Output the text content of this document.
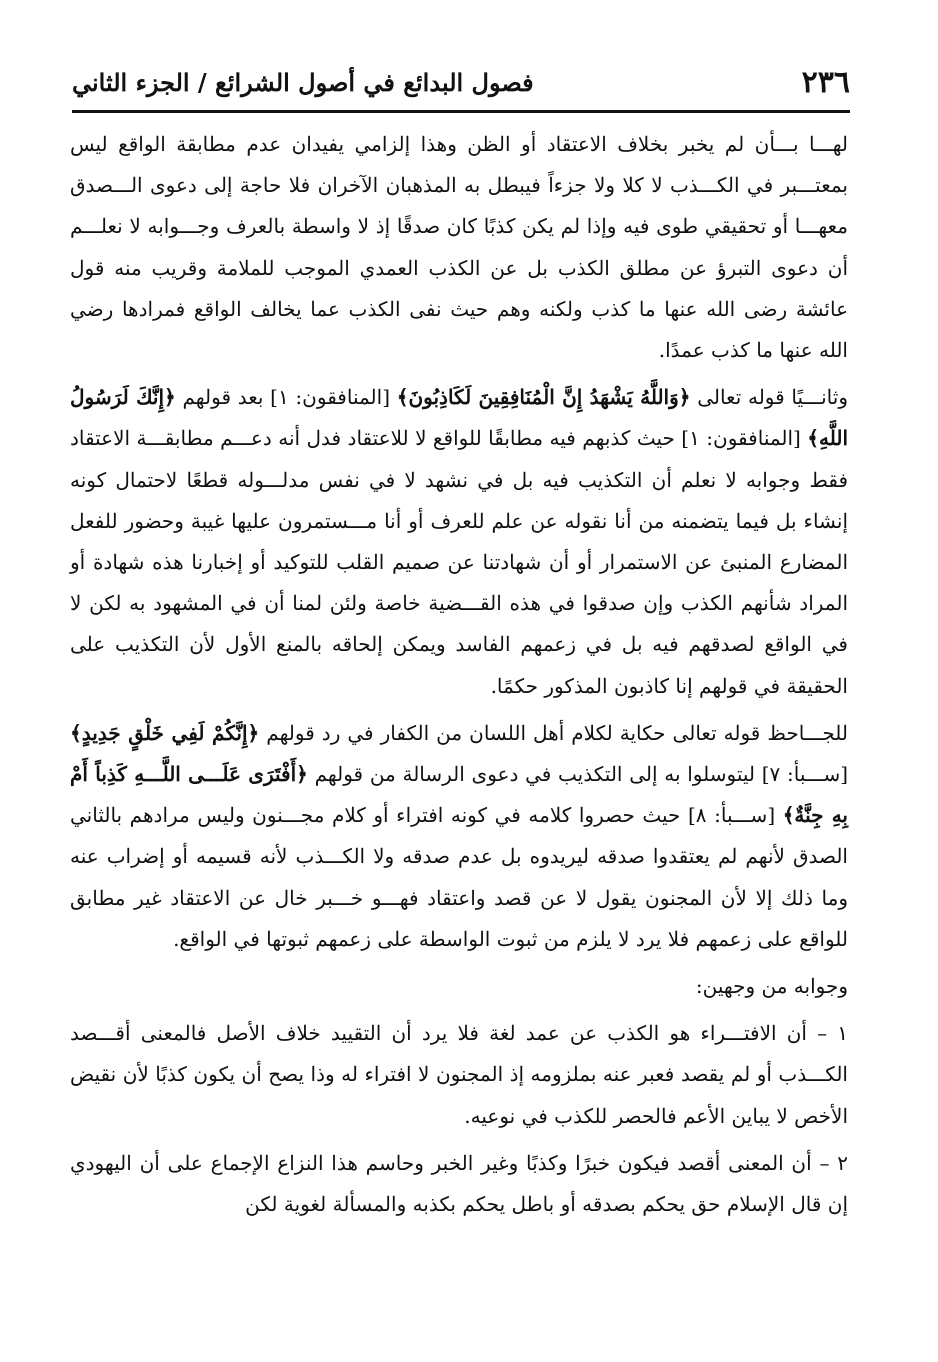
٢٣٦
فصول البدائع في أصول الشرائع / الجزء الثاني

لهـــا بـــأن لم يخبر بخلاف الاعتقاد أو الظن وهذا إلزامي يفيدان عدم مطابقة الواقع ليس بمعتـــبر في الكـــذب لا كلا ولا جزءاً فيبطل به المذهبان الآخران فلا حاجة إلى دعوى الـــصدق معهـــا أو تحقيقي طوى فيه وإذا لم يكن كذبًا كان صدقًا إذ لا واسطة بالعرف وجـــوابه لا نعلـــم أن دعوى التبرؤ عن مطلق الكذب بل عن الكذب العمدي الموجب للملامة وقريب منه قول عائشة رضى الله عنها ما كذب ولكنه وهم حيث نفى الكذب عما يخالف الواقع فمرادها رضي الله عنها ما كذب عمدًا.

وثانـــيًا قوله تعالى ﴿وَاللَّهُ يَشْهَدُ إِنَّ الْمُنَافِقِينَ لَكَاذِبُونَ﴾ [المنافقون: ١] بعد قولهم ﴿إِنَّكَ لَرَسُولُ اللَّهِ﴾ [المنافقون: ١] حيث كذبهم فيه مطابقًا للواقع لا للاعتقاد فدل أنه دعـــم مطابقـــة الاعتقاد فقط وجوابه لا نعلم أن التكذيب فيه بل في نشهد لا في نفس مدلـــوله قطعًا لاحتمال كونه إنشاء بل فيما يتضمنه من أنا نقوله عن علم للعرف أو أنا مـــستمرون عليها غيبة وحضور للفعل المضارع المنبئ عن الاستمرار أو أن شهادتنا عن صميم القلب للتوكيد أو إخبارنا هذه شهادة أو المراد شأنهم الكذب وإن صدقوا في هذه القـــضية خاصة ولئن لمنا أن في المشهود به لكن لا في الواقع لصدقهم فيه بل في زعمهم الفاسد ويمكن إلحاقه بالمنع الأول لأن التكذيب على الحقيقة في قولهم إنا كاذبون المذكور حكمًا.

للجـــاحظ قوله تعالى حكاية لكلام أهل اللسان من الكفار في رد قولهم ﴿إِنَّكُمْ لَفِي خَلْقٍ جَدِيدٍ﴾ [ســـبأ: ٧] ليتوسلوا به إلى التكذيب في دعوى الرسالة من قولهم ﴿أَفْتَرَى عَلَـــى اللَّـــهِ كَذِباً أَمْ بِهِ جِنَّةٌ﴾ [ســـبأ: ٨] حيث حصروا كلامه في كونه افتراء أو كلام مجـــنون وليس مرادهم بالثاني الصدق لأنهم لم يعتقدوا صدقه ليريدوه بل عدم صدقه ولا الكـــذب لأنه قسيمه أو إضراب عنه وما ذلك إلا لأن المجنون يقول لا عن قصد واعتقاد فهـــو خـــبر خال عن الاعتقاد غير مطابق للواقع على زعمهم فلا يرد لا يلزم من ثبوت الواسطة على زعمهم ثبوتها في الواقع.

وجوابه من وجهين:

١ – أن الافتـــراء هو الكذب عن عمد لغة فلا يرد أن التقييد خلاف الأصل فالمعنى أقـــصد الكـــذب أو لم يقصد فعبر عنه بملزومه إذ المجنون لا افتراء له وذا يصح أن يكون كذبًا لأن نقيض الأخص لا يباين الأعم فالحصر للكذب في نوعيه.

٢ – أن المعنى أقصد فيكون خبرًا وكذبًا وغير الخبر وحاسم هذا النزاع الإجماع على أن اليهودي إن قال الإسلام حق يحكم بصدقه أو باطل يحكم بكذبه والمسألة لغوية لكن
